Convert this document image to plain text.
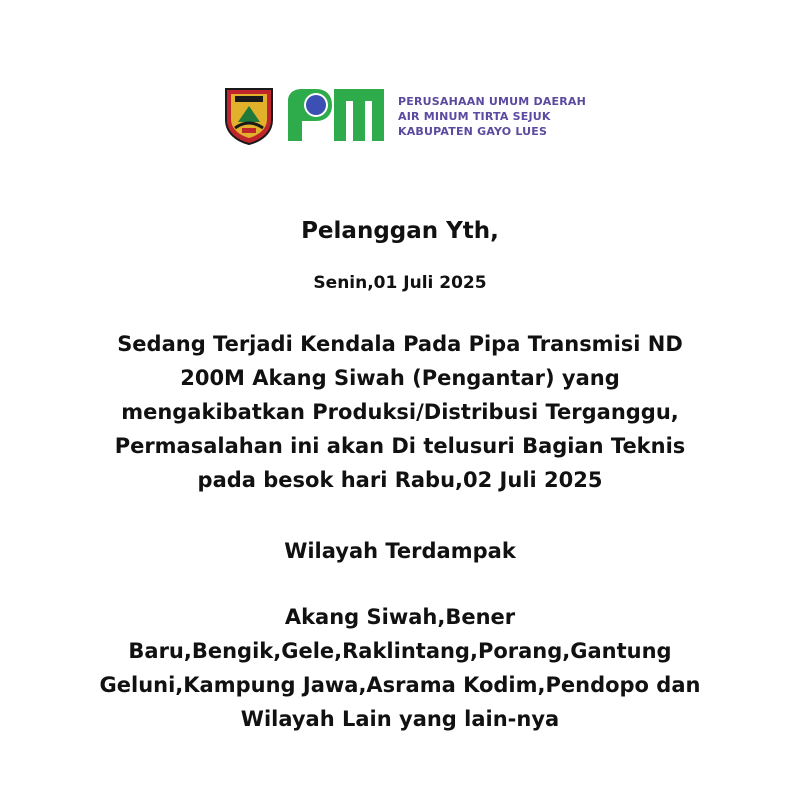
PERUSAHAAN UMUM DAERAH
AIR MINUM TIRTA SEJUK
KABUPATEN GAYO LUES
Pelanggan Yth,
Senin,01 Juli 2025
Sedang Terjadi Kendala Pada Pipa Transmisi ND
200M Akang Siwah (Pengantar) yang
mengakibatkan Produksi/Distribusi Terganggu,
Permasalahan ini akan Di telusuri Bagian Teknis
pada besok hari Rabu,02 Juli 2025
Wilayah Terdampak
Akang Siwah,Bener
Baru,Bengik,Gele,Raklintang,Porang,Gantung
Geluni,Kampung Jawa,Asrama Kodim,Pendopo dan
Wilayah Lain yang lain-nya
